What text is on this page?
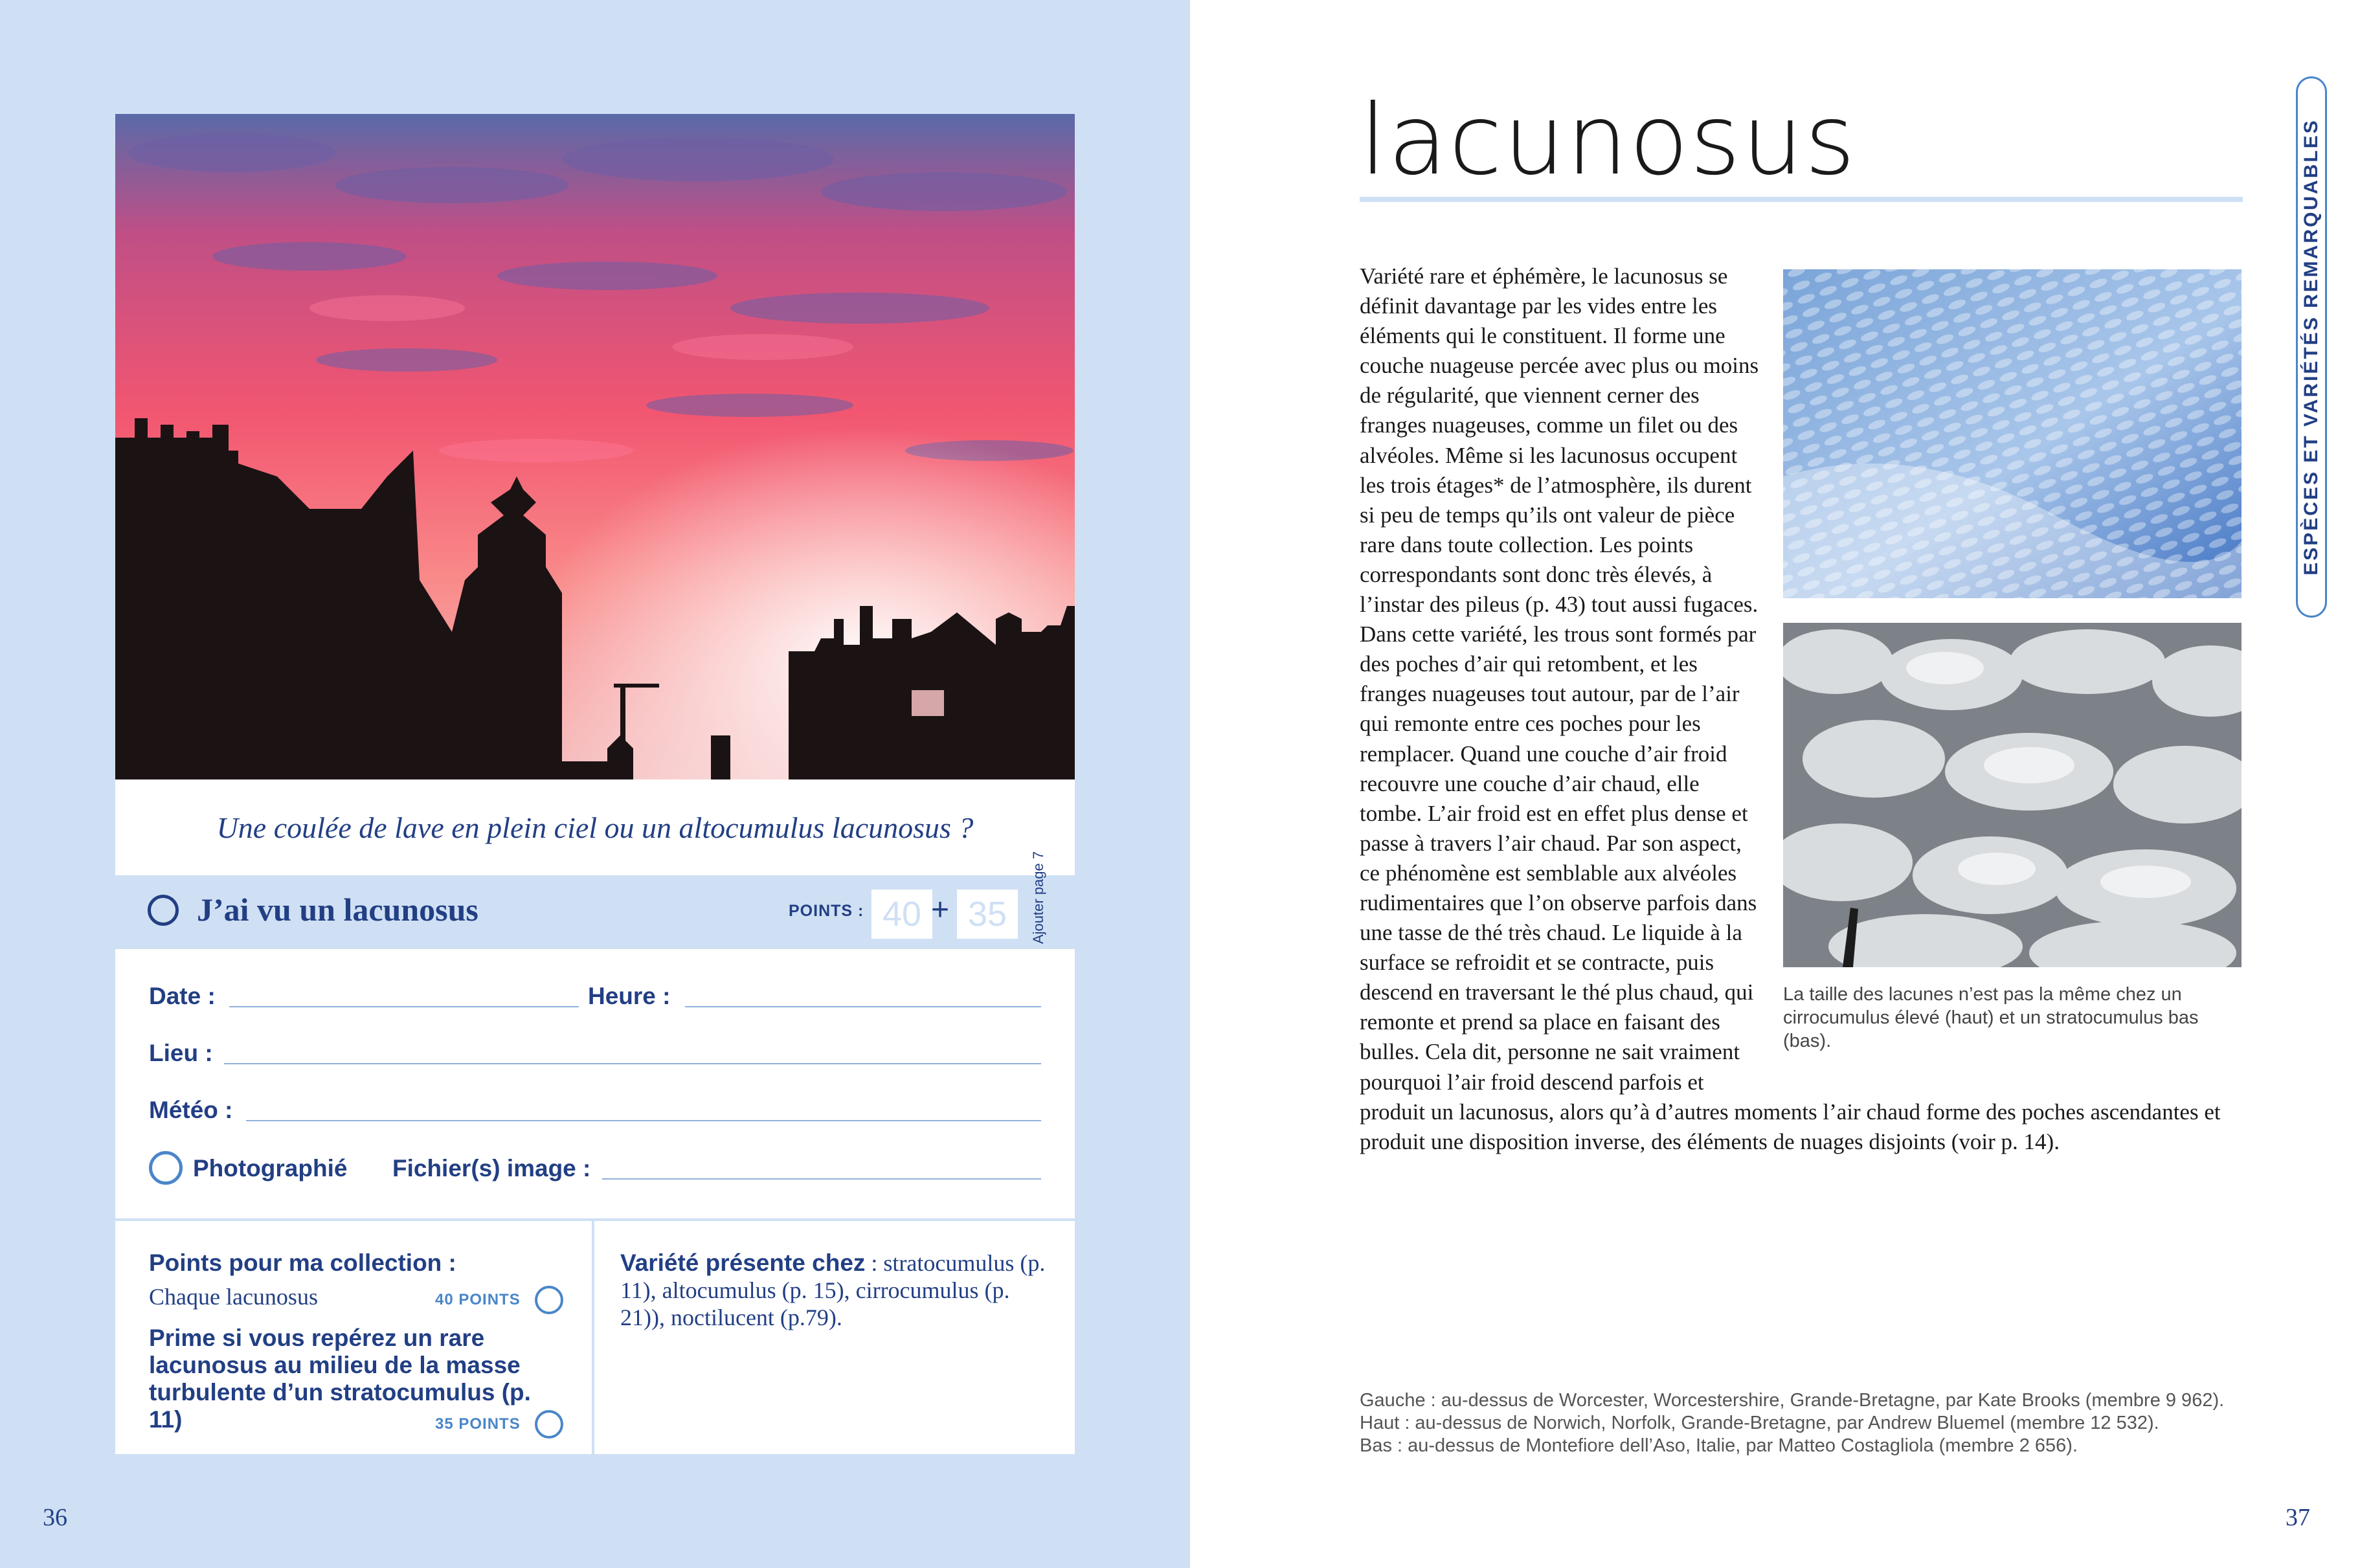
Une coulée de lave en plein ciel ou un altocumulus lacunosus ?
J’ai vu un lacunosus	POINTS : 40 + 35	Ajouter page 7
Date :	Heure :
Lieu :
Météo :
Photographié Fichier(s) image :
Points pour ma collection :
Chaque lacunosus	40 POINTS
Prime si vous repérez un rare lacunosus au milieu de la masse turbulente d’un stratocumulus (p. 11)	35 POINTS
Variété présente chez : stratocumulus (p. 11), altocumulus (p. 15), cirrocumulus (p. 21)), noctilucent (p.79).
36
lacunosus	ESPÈCES ET VARIÉTÉS REMARQUABLES

Variété rare et éphémère, le lacunosus se définit davantage par les vides entre les éléments qui le constituent. Il forme une couche nuageuse percée avec plus ou moins de régularité, que viennent cerner des franges nuageuses, comme un filet ou des alvéoles. Même si les lacunosus occupent les trois étages* de l’atmosphère, ils durent si peu de temps qu’ils ont valeur de pièce rare dans toute collection. Les points correspondants sont donc très élevés, à l’instar des pileus (p. 43) tout aussi fugaces. Dans cette variété, les trous sont formés par des poches d’air qui retombent, et les franges nuageuses tout autour, par de l’air qui remonte entre ces poches pour les remplacer. Quand une couche d’air froid recouvre une couche d’air chaud, elle tombe. L’air froid est en effet plus dense et passe à travers l’air chaud. Par son aspect, ce phénomène est semblable aux alvéoles rudimentaires que l’on observe parfois dans une tasse de thé très chaud. Le liquide à la surface se refroidit et se contracte, puis descend en traversant le thé plus chaud, qui remonte et prend sa place en faisant des bulles. Cela dit, personne ne sait vraiment pourquoi l’air froid descend parfois et produit un lacunosus, alors qu’à d’autres moments l’air chaud forme des poches ascendantes et produit une disposition inverse, des éléments de nuages disjoints (voir p. 14).

La taille des lacunes n’est pas la même chez un cirrocumulus élevé (haut) et un stratocumulus bas (bas).
Gauche : au-dessus de Worcester, Worcestershire, Grande-Bretagne, par Kate Brooks (membre 9 962).
Haut : au-dessus de Norwich, Norfolk, Grande-Bretagne, par Andrew Bluemel (membre 12 532).
Bas : au-dessus de Montefiore dell’Aso, Italie, par Matteo Costagliola (membre 2 656).
37
